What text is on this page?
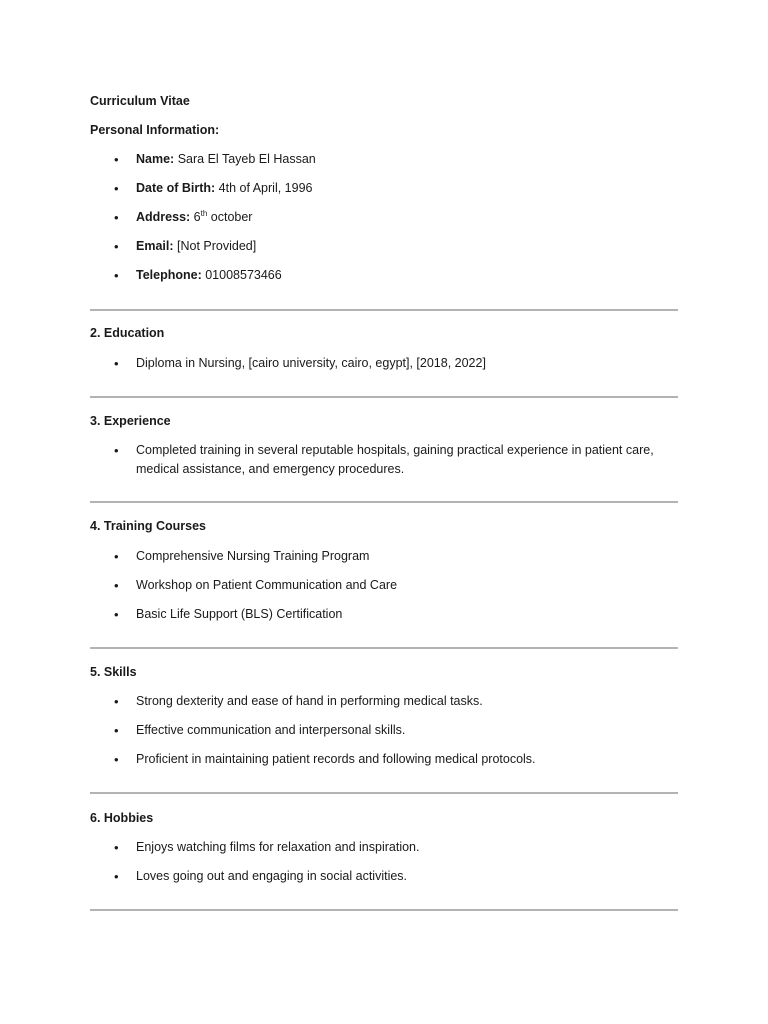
Curriculum Vitae
Personal Information:
• Name: Sara El Tayeb El Hassan
• Date of Birth: 4th of April, 1996
• Address: 6th october
• Email: [Not Provided]
• Telephone: 01008573466
2. Education
• Diploma in Nursing, [cairo university, cairo, egypt], [2018, 2022]
3. Experience
• Completed training in several reputable hospitals, gaining practical experience in patient care, medical assistance, and emergency procedures.
4. Training Courses
• Comprehensive Nursing Training Program
• Workshop on Patient Communication and Care
• Basic Life Support (BLS) Certification
5. Skills
• Strong dexterity and ease of hand in performing medical tasks.
• Effective communication and interpersonal skills.
• Proficient in maintaining patient records and following medical protocols.
6. Hobbies
• Enjoys watching films for relaxation and inspiration.
• Loves going out and engaging in social activities.
